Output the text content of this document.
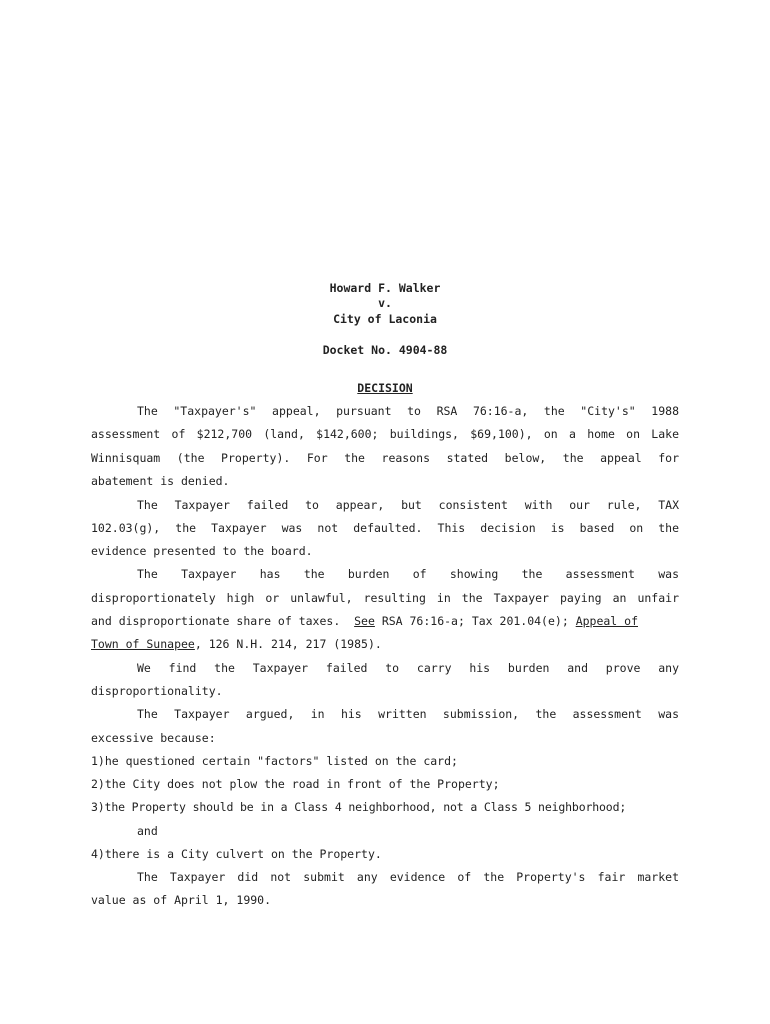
Howard F. Walker
v.
City of Laconia
Docket No. 4904-88
DECISION
The "Taxpayer's" appeal, pursuant to RSA 76:16-a, the "City's" 1988
assessment of $212,700 (land, $142,600; buildings, $69,100), on a home on Lake
Winnisquam (the Property). For the reasons stated below, the appeal for
abatement is denied.
The Taxpayer failed to appear, but consistent with our rule, TAX
102.03(g), the Taxpayer was not defaulted. This decision is based on the
evidence presented to the board.
The Taxpayer has the burden of showing the assessment was
disproportionately high or unlawful, resulting in the Taxpayer paying an unfair
and disproportionate share of taxes.  See RSA 76:16-a; Tax 201.04(e); Appeal of
Town of Sunapee, 126 N.H. 214, 217 (1985).
We find the Taxpayer failed to carry his burden and prove any
disproportionality.
The Taxpayer argued, in his written submission, the assessment was
excessive because:
1)he questioned certain "factors" listed on the card;
2)the City does not plow the road in front of the Property;
3)the Property should be in a Class 4 neighborhood, not a Class 5 neighborhood;
and
4)there is a City culvert on the Property.
The Taxpayer did not submit any evidence of the Property's fair market
value as of April 1, 1990.
